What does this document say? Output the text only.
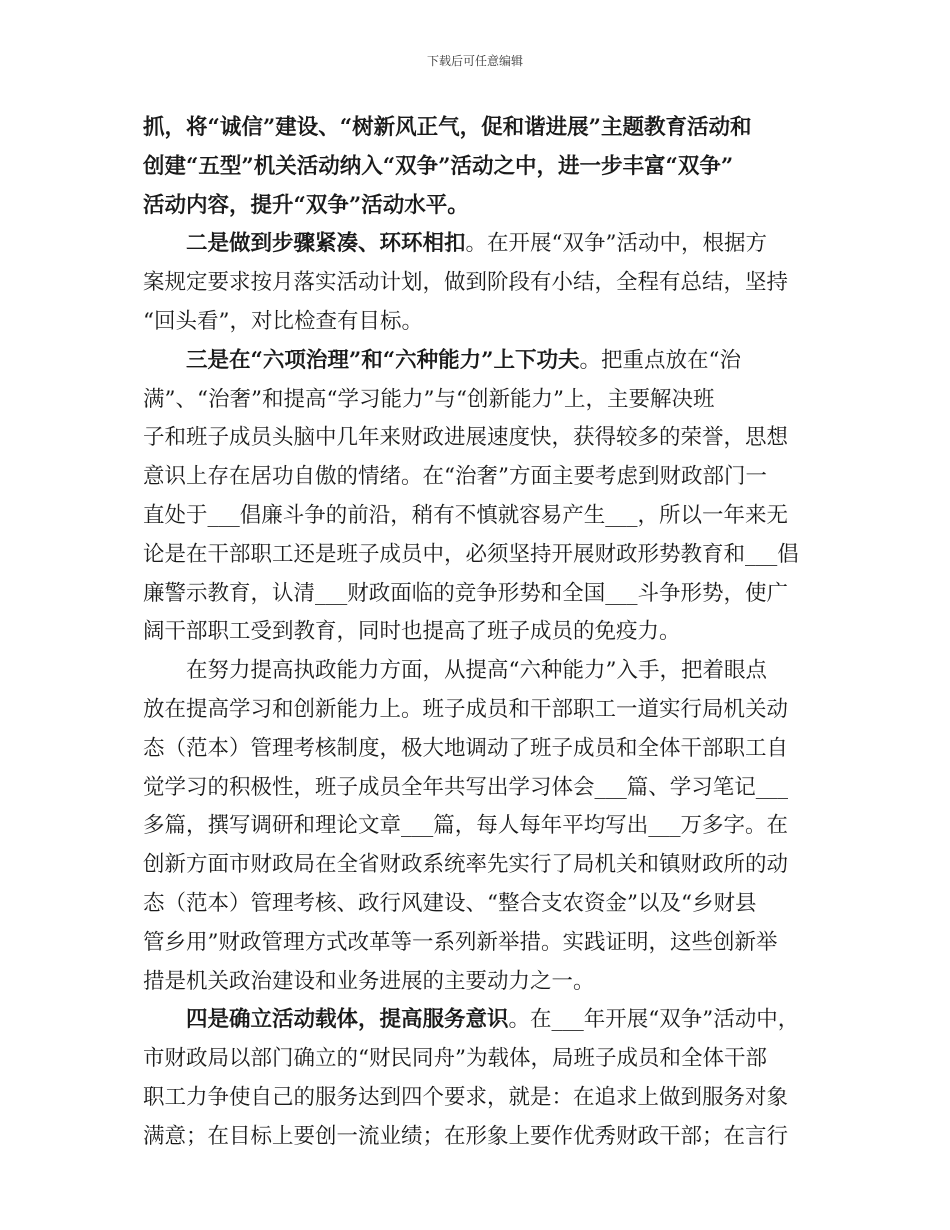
下载后可任意编辑
抓，将“诚信”建设、“树新风正气，促和谐进展”主题教育活动和
创建“五型”机关活动纳入“双争”活动之中，进一步丰富“双争”
活动内容，提升“双争”活动水平。
二是做到步骤紧凑、环环相扣。在开展“双争”活动中，根据方
案规定要求按月落实活动计划，做到阶段有小结，全程有总结，坚持
“回头看”，对比检查有目标。
三是在“六项治理”和“六种能力”上下功夫。把重点放在“治
满”、“治奢”和提高“学习能力”与“创新能力”上，主要解决班
子和班子成员头脑中几年来财政进展速度快，获得较多的荣誉，思想
意识上存在居功自傲的情绪。在“治奢”方面主要考虑到财政部门一
直处于___倡廉斗争的前沿，稍有不慎就容易产生___，所以一年来无
论是在干部职工还是班子成员中，必须坚持开展财政形势教育和___倡
廉警示教育，认清___财政面临的竞争形势和全国___斗争形势，使广
阔干部职工受到教育，同时也提高了班子成员的免疫力。
在努力提高执政能力方面，从提高“六种能力”入手，把着眼点
放在提高学习和创新能力上。班子成员和干部职工一道实行局机关动
态（范本）管理考核制度，极大地调动了班子成员和全体干部职工自
觉学习的积极性，班子成员全年共写出学习体会___篇、学习笔记___
多篇，撰写调研和理论文章___篇，每人每年平均写出___万多字。在
创新方面市财政局在全省财政系统率先实行了局机关和镇财政所的动
态（范本）管理考核、政行风建设、“整合支农资金”以及“乡财县
管乡用”财政管理方式改革等一系列新举措。实践证明，这些创新举
措是机关政治建设和业务进展的主要动力之一。
四是确立活动载体，提高服务意识。在___年开展“双争”活动中，
市财政局以部门确立的“财民同舟”为载体，局班子成员和全体干部
职工力争使自己的服务达到四个要求，就是：在追求上做到服务对象
满意；在目标上要创一流业绩；在形象上要作优秀财政干部；在言行
